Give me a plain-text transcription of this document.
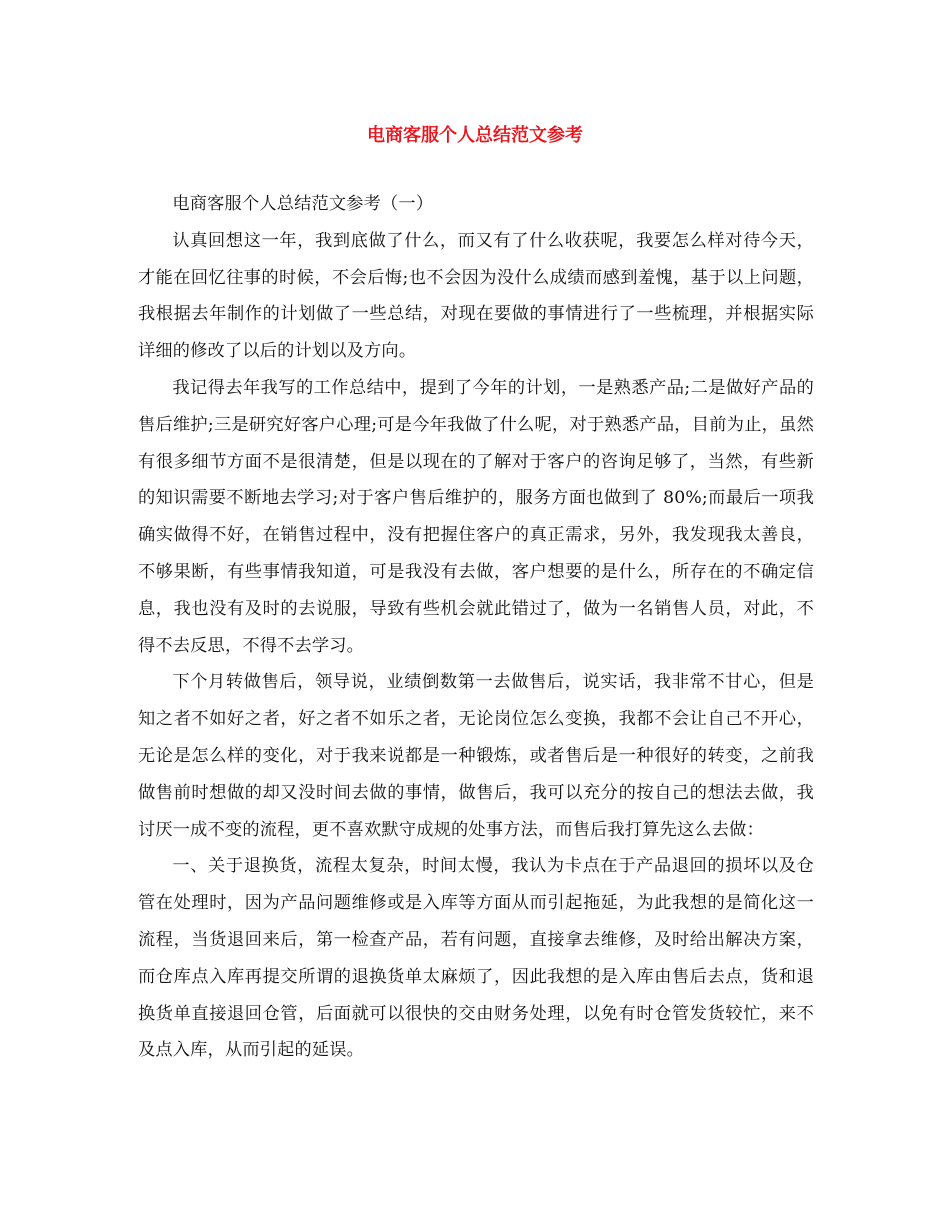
电商客服个人总结范文参考

电商客服个人总结范文参考（一）

认真回想这一年，我到底做了什么，而又有了什么收获呢，我要怎么样对待今天，才能在回忆往事的时候，不会后悔;也不会因为没什么成绩而感到羞愧，基于以上问题，我根据去年制作的计划做了一些总结，对现在要做的事情进行了一些梳理，并根据实际详细的修改了以后的计划以及方向。

我记得去年我写的工作总结中，提到了今年的计划，一是熟悉产品;二是做好产品的售后维护;三是研究好客户心理;可是今年我做了什么呢，对于熟悉产品，目前为止，虽然有很多细节方面不是很清楚，但是以现在的了解对于客户的咨询足够了，当然，有些新的知识需要不断地去学习;对于客户售后维护的，服务方面也做到了 80%;而最后一项我确实做得不好，在销售过程中，没有把握住客户的真正需求，另外，我发现我太善良，不够果断，有些事情我知道，可是我没有去做，客户想要的是什么，所存在的不确定信息，我也没有及时的去说服，导致有些机会就此错过了，做为一名销售人员，对此，不得不去反思，不得不去学习。

下个月转做售后，领导说，业绩倒数第一去做售后，说实话，我非常不甘心，但是知之者不如好之者，好之者不如乐之者，无论岗位怎么变换，我都不会让自己不开心，无论是怎么样的变化，对于我来说都是一种锻炼，或者售后是一种很好的转变，之前我做售前时想做的却又没时间去做的事情，做售后，我可以充分的按自己的想法去做，我讨厌一成不变的流程，更不喜欢默守成规的处事方法，而售后我打算先这么去做：

一、关于退换货，流程太复杂，时间太慢，我认为卡点在于产品退回的损坏以及仓管在处理时，因为产品问题维修或是入库等方面从而引起拖延，为此我想的是简化这一流程，当货退回来后，第一检查产品，若有问题，直接拿去维修，及时给出解决方案，而仓库点入库再提交所谓的退换货单太麻烦了，因此我想的是入库由售后去点，货和退换货单直接退回仓管，后面就可以很快的交由财务处理，以免有时仓管发货较忙，来不及点入库，从而引起的延误。
